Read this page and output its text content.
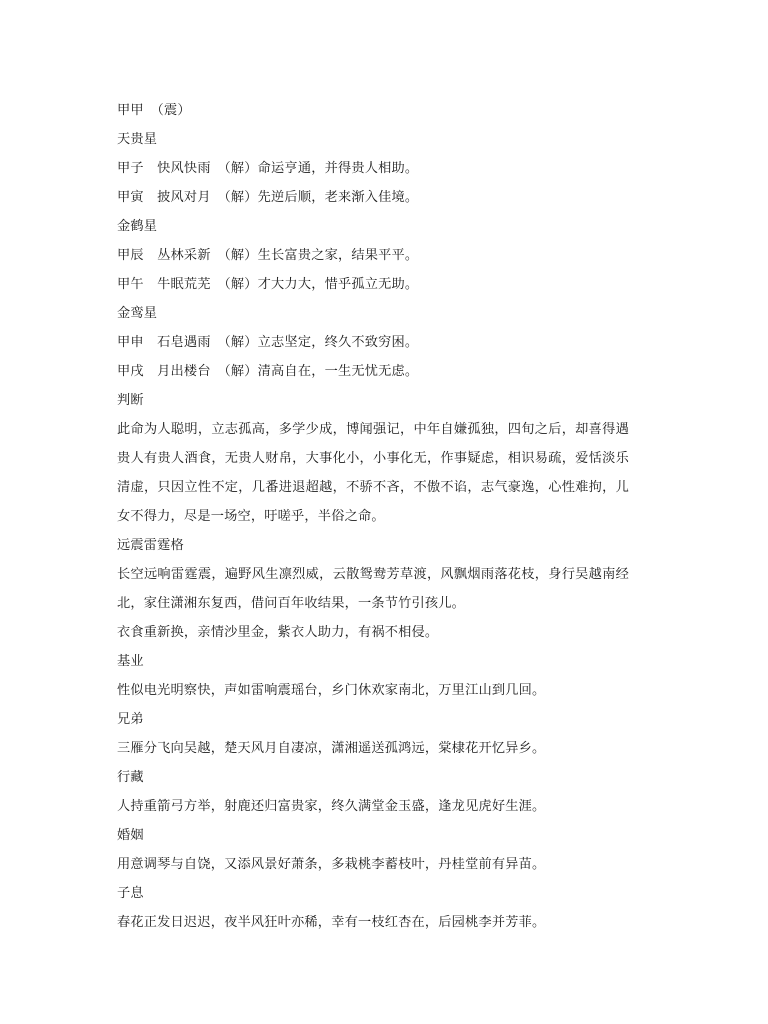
甲甲　（震）
天贵星
甲子　快风快雨　（解）命运亨通，并得贵人相助。
甲寅　披风对月　（解）先逆后顺，老来渐入佳境。
金鹤星
甲辰　丛林采新　（解）生长富贵之家，结果平平。
甲午　牛眠荒芜　（解）才大力大，惜乎孤立无助。
金鸾星
甲申　石皂遇雨　（解）立志坚定，终久不致穷困。
甲戌　月出楼台　（解）清高自在，一生无忧无虑。
判断
此命为人聪明，立志孤高，多学少成，博闻强记，中年自嫌孤独，四旬之后，却喜得遇贵人有贵人酒食，无贵人财帛，大事化小，小事化无，作事疑虑，相识易疏，爱恬淡乐清虚，只因立性不定，几番进退超越，不骄不吝，不傲不谄，志气豪逸，心性难拘，儿女不得力，尽是一场空，吁嗟乎，半俗之命。
远震雷霆格
长空远响雷霆震，遍野风生凛烈威，云散鸳鸯芳草渡，风飘烟雨落花枝，身行吴越南经北，家住潇湘东复西，借问百年收结果，一条节竹引孩儿。
衣食重新换，亲情沙里金，紫衣人助力，有祸不相侵。
基业
性似电光明察快，声如雷响震瑶台，乡门休欢家南北，万里江山到几回。
兄弟
三雁分飞向吴越，楚天风月自凄凉，潇湘遥送孤鸿远，棠棣花开忆异乡。
行藏
人持重箭弓方举，射鹿还归富贵家，终久满堂金玉盛，逢龙见虎好生涯。
婚姻
用意调琴与自饶，又添风景好萧条，多栽桃李蓄枝叶，丹桂堂前有异苗。
子息
春花正发日迟迟，夜半风狂叶亦稀，幸有一枝红杏在，后园桃李并芳菲。
